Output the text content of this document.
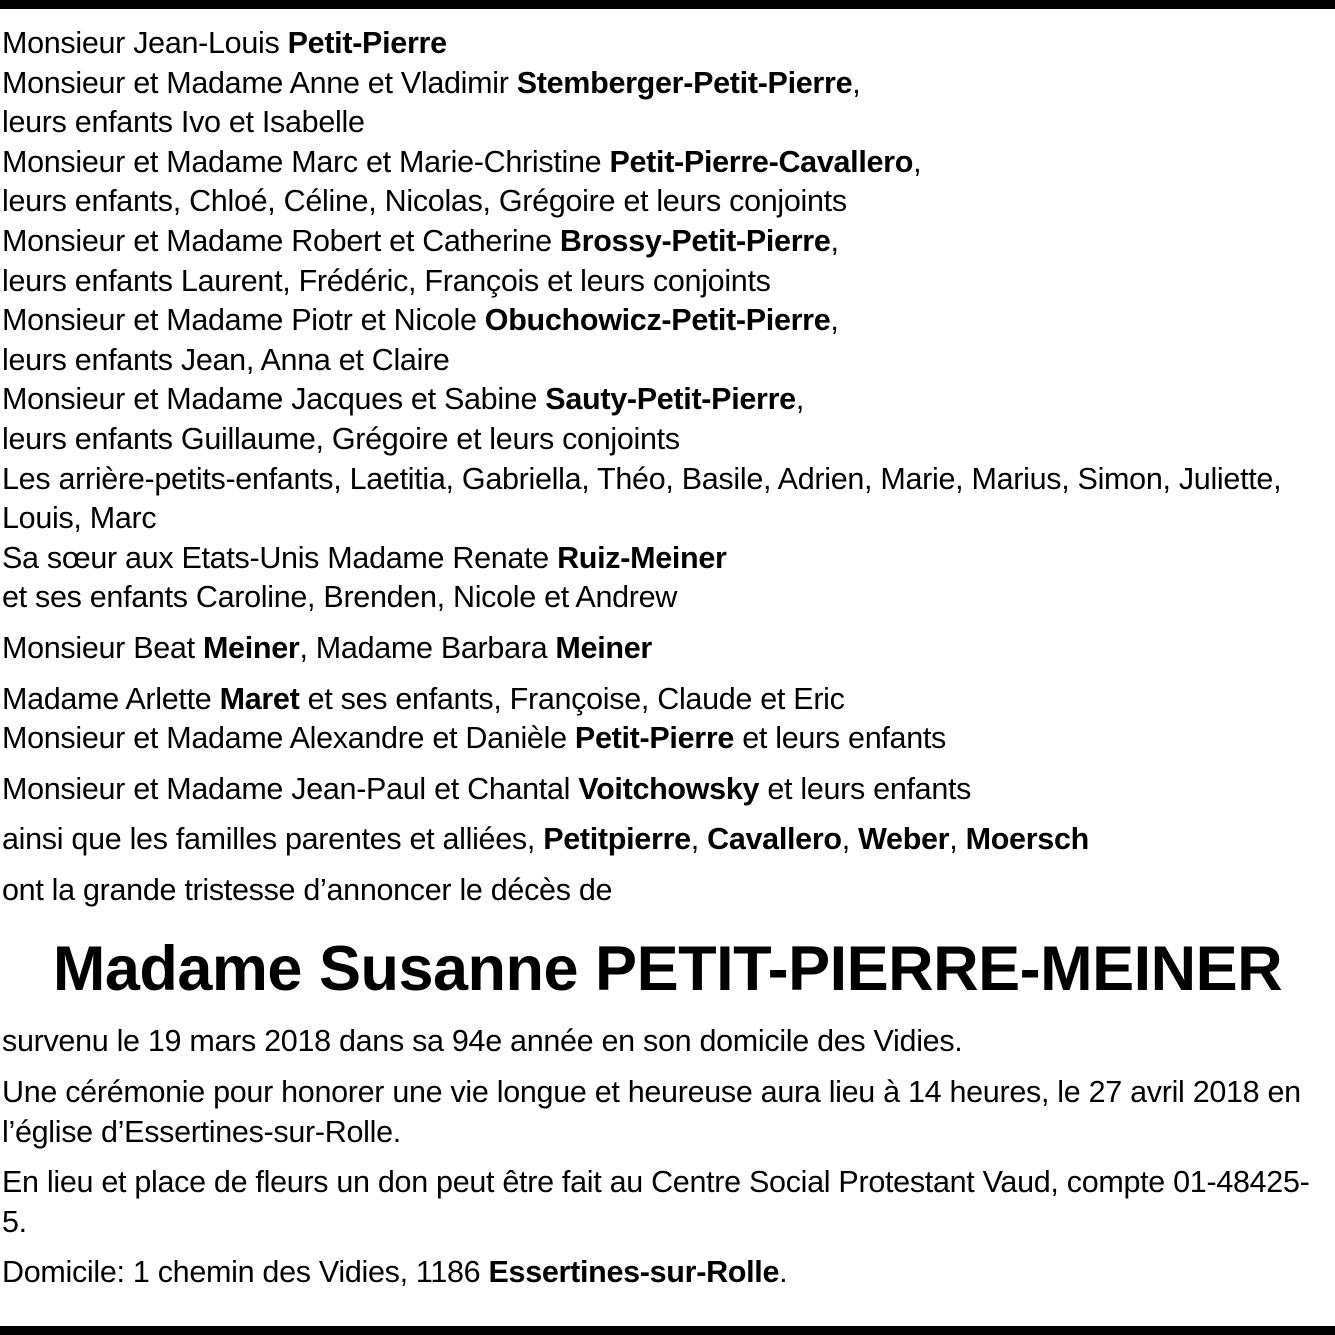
Monsieur Jean-Louis Petit-Pierre
Monsieur et Madame Anne et Vladimir Stemberger-Petit-Pierre,
leurs enfants Ivo et Isabelle
Monsieur et Madame Marc et Marie-Christine Petit-Pierre-Cavallero,
leurs enfants, Chloé, Céline, Nicolas, Grégoire et leurs conjoints
Monsieur et Madame Robert et Catherine Brossy-Petit-Pierre,
leurs enfants Laurent, Frédéric, François et leurs conjoints
Monsieur et Madame Piotr et Nicole Obuchowicz-Petit-Pierre,
leurs enfants Jean, Anna et Claire
Monsieur et Madame Jacques et Sabine Sauty-Petit-Pierre,
leurs enfants Guillaume, Grégoire et leurs conjoints
Les arrière-petits-enfants, Laetitia, Gabriella, Théo, Basile, Adrien, Marie, Marius, Simon, Juliette, Louis, Marc
Sa sœur aux Etats-Unis Madame Renate Ruiz-Meiner
et ses enfants Caroline, Brenden, Nicole et Andrew
Monsieur Beat Meiner, Madame Barbara Meiner
Madame Arlette Maret et ses enfants, Françoise, Claude et Eric
Monsieur et Madame Alexandre et Danièle Petit-Pierre et leurs enfants
Monsieur et Madame Jean-Paul et Chantal Voitchowsky et leurs enfants
ainsi que les familles parentes et alliées, Petitpierre, Cavallero, Weber, Moersch
ont la grande tristesse d’annoncer le décès de
Madame Susanne PETIT-PIERRE-MEINER
survenu le 19 mars 2018 dans sa 94e année en son domicile des Vidies.
Une cérémonie pour honorer une vie longue et heureuse aura lieu à 14 heures, le 27 avril 2018 en l’église d’Essertines-sur-Rolle.
En lieu et place de fleurs un don peut être fait au Centre Social Protestant Vaud, compte 01-48425-5.
Domicile: 1 chemin des Vidies, 1186 Essertines-sur-Rolle.
